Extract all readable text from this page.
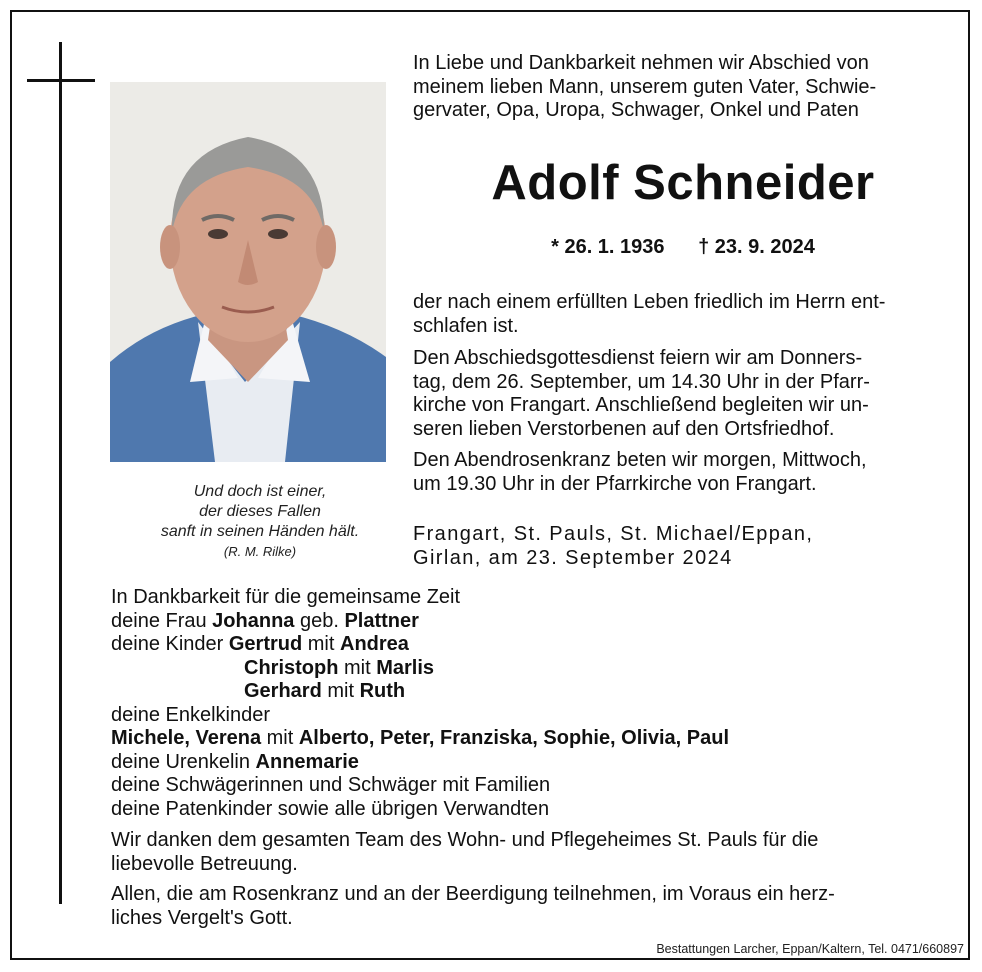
Und doch ist einer,
der dieses Fallen
sanft in seinen Händen hält.
(R. M. Rilke)
In Liebe und Dankbarkeit nehmen wir Abschied von
meinem lieben Mann, unserem guten Vater, Schwie-
gervater, Opa, Uropa, Schwager, Onkel und Paten
Adolf Schneider
* 26. 1. 1936 † 23. 9. 2024
der nach einem erfüllten Leben friedlich im Herrn ent-
schlafen ist.
Den Abschiedsgottesdienst feiern wir am Donners-
tag, dem 26. September, um 14.30 Uhr in der Pfarr-
kirche von Frangart. Anschließend begleiten wir un-
seren lieben Verstorbenen auf den Ortsfriedhof.
Den Abendrosenkranz beten wir morgen, Mittwoch,
um 19.30 Uhr in der Pfarrkirche von Frangart.
Frangart, St. Pauls, St. Michael/Eppan,
Girlan, am 23. September 2024
In Dankbarkeit für die gemeinsame Zeit
deine Frau Johanna geb. Plattner
deine Kinder Gertrud mit Andrea
Christoph mit Marlis
Gerhard mit Ruth
deine Enkelkinder
Michele, Verena mit Alberto, Peter, Franziska, Sophie, Olivia, Paul
deine Urenkelin Annemarie
deine Schwägerinnen und Schwäger mit Familien
deine Patenkinder sowie alle übrigen Verwandten
Wir danken dem gesamten Team des Wohn- und Pflegeheimes St. Pauls für die
liebevolle Betreuung.
Allen, die am Rosenkranz und an der Beerdigung teilnehmen, im Voraus ein herz-
liches Vergelt's Gott.
Bestattungen Larcher, Eppan/Kaltern, Tel. 0471/660897
